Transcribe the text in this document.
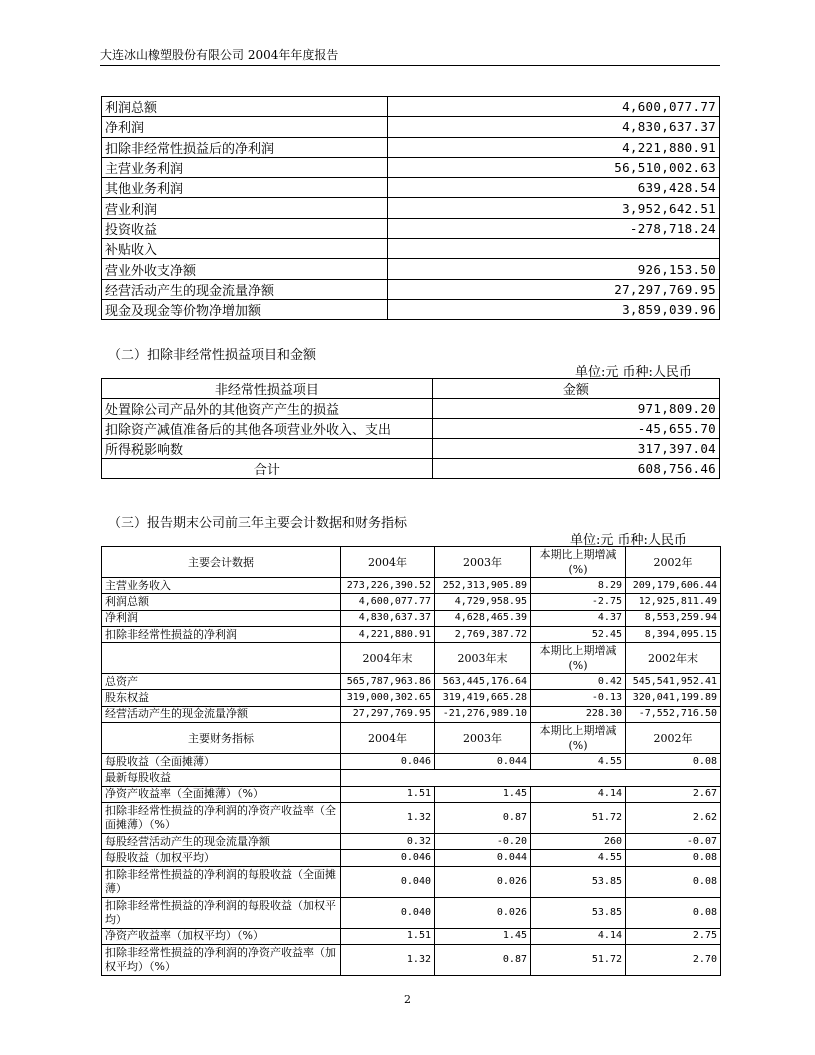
大连冰山橡塑股份有限公司 2004年年度报告
利润总额	4,600,077.77
净利润	4,830,637.37
扣除非经常性损益后的净利润	4,221,880.91
主营业务利润	56,510,002.63
其他业务利润	639,428.54
营业利润	3,952,642.51
投资收益	-278,718.24
补贴收入	
营业外收支净额	926,153.50
经营活动产生的现金流量净额	27,297,769.95
现金及现金等价物净增加额	3,859,039.96
（二）扣除非经常性损益项目和金额
单位:元 币种:人民币
非经常性损益项目	金额
处置除公司产品外的其他资产产生的损益	971,809.20
扣除资产减值准备后的其他各项营业外收入、支出	-45,655.70
所得税影响数	317,397.04
合计	608,756.46
（三）报告期末公司前三年主要会计数据和财务指标
单位:元 币种:人民币
主要会计数据	2004年	2003年	本期比上期增减(%)	2002年
主营业务收入	273,226,390.52	252,313,905.89	8.29	209,179,606.44
利润总额	4,600,077.77	4,729,958.95	-2.75	12,925,811.49
净利润	4,830,637.37	4,628,465.39	4.37	8,553,259.94
扣除非经常性损益的净利润	4,221,880.91	2,769,387.72	52.45	8,394,095.15
	2004年末	2003年末	本期比上期增减(%)	2002年末
总资产	565,787,963.86	563,445,176.64	0.42	545,541,952.41
股东权益	319,000,302.65	319,419,665.28	-0.13	320,041,199.89
经营活动产生的现金流量净额	27,297,769.95	-21,276,989.10	228.30	-7,552,716.50
主要财务指标	2004年	2003年	本期比上期增减(%)	2002年
每股收益（全面摊薄）	0.046	0.044	4.55	0.08
最新每股收益				
净资产收益率（全面摊薄）（%）	1.51	1.45	4.14	2.67
扣除非经常性损益的净利润的净资产收益率（全面摊薄）（%）	1.32	0.87	51.72	2.62
每股经营活动产生的现金流量净额	0.32	-0.20	260	-0.07
每股收益（加权平均）	0.046	0.044	4.55	0.08
扣除非经常性损益的净利润的每股收益（全面摊薄）	0.040	0.026	53.85	0.08
扣除非经常性损益的净利润的每股收益（加权平均）	0.040	0.026	53.85	0.08
净资产收益率（加权平均）（%）	1.51	1.45	4.14	2.75
扣除非经常性损益的净利润的净资产收益率（加权平均）（%）	1.32	0.87	51.72	2.70
2
